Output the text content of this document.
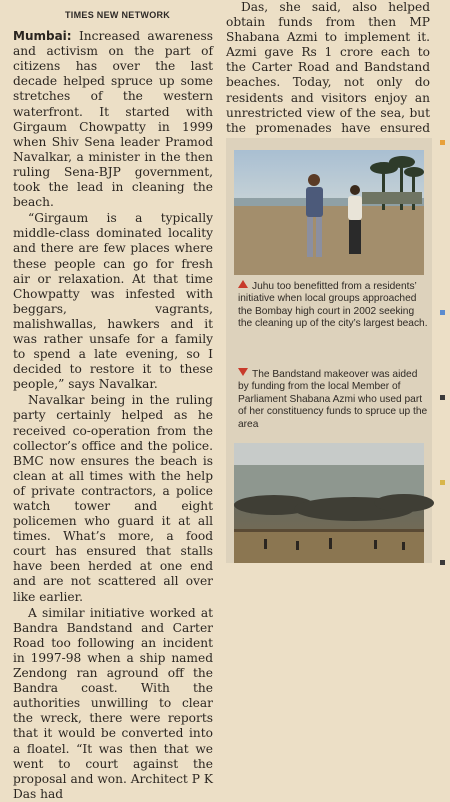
TIMES NEW NETWORK

Mumbai: Increased awareness and activism on the part of citizens has over the last decade helped spruce up some stretches of the western waterfront. It started with Girgaum Chowpatty in 1999 when Shiv Sena leader Pramod Navalkar, a minister in the then ruling Sena-BJP government, took the lead in cleaning the beach.

“Girgaum is a typically middle-class dominated locality and there are few places where these people can go for fresh air or relaxation. At that time Chowpatty was infested with beggars, vagrants, malishwallas, hawkers and it was rather unsafe for a family to spend a late evening, so I decided to restore it to these people,” says Navalkar.

Navalkar being in the ruling party certainly helped as he received co-operation from the collector’s office and the police. BMC now ensures the beach is clean at all times with the help of private contractors, a police watch tower and eight policemen who guard it at all times. What’s more, a food court has ensured that stalls have been herded at one end and are not scattered all over like earlier.

A similar initiative worked at Bandra Bandstand and Carter Road too following an incident in 1997-98 when a ship named Zendong ran aground off the Bandra coast. With the authorities unwilling to clear the wreck, there were reports that it would be converted into a floatel. “It was then that we went to court against the proposal and won. Architect P K Das had

Das, she said, also helped obtain funds from then MP Shabana Azmi to implement it. Azmi gave Rs 1 crore each to the Carter Road and Bandstand beaches. Today, not only do residents and visitors enjoy an unrestricted view of the sea, but the promenades have ensured

Juhu too benefitted from a residents’ initiative when local groups approached the Bombay high court in 2002 seeking the cleaning up of the city’s largest beach.
The Bandstand makeover was aided by funding from the local Member of Parliament Shabana Azmi who used part of her constituency funds to spruce up the area
